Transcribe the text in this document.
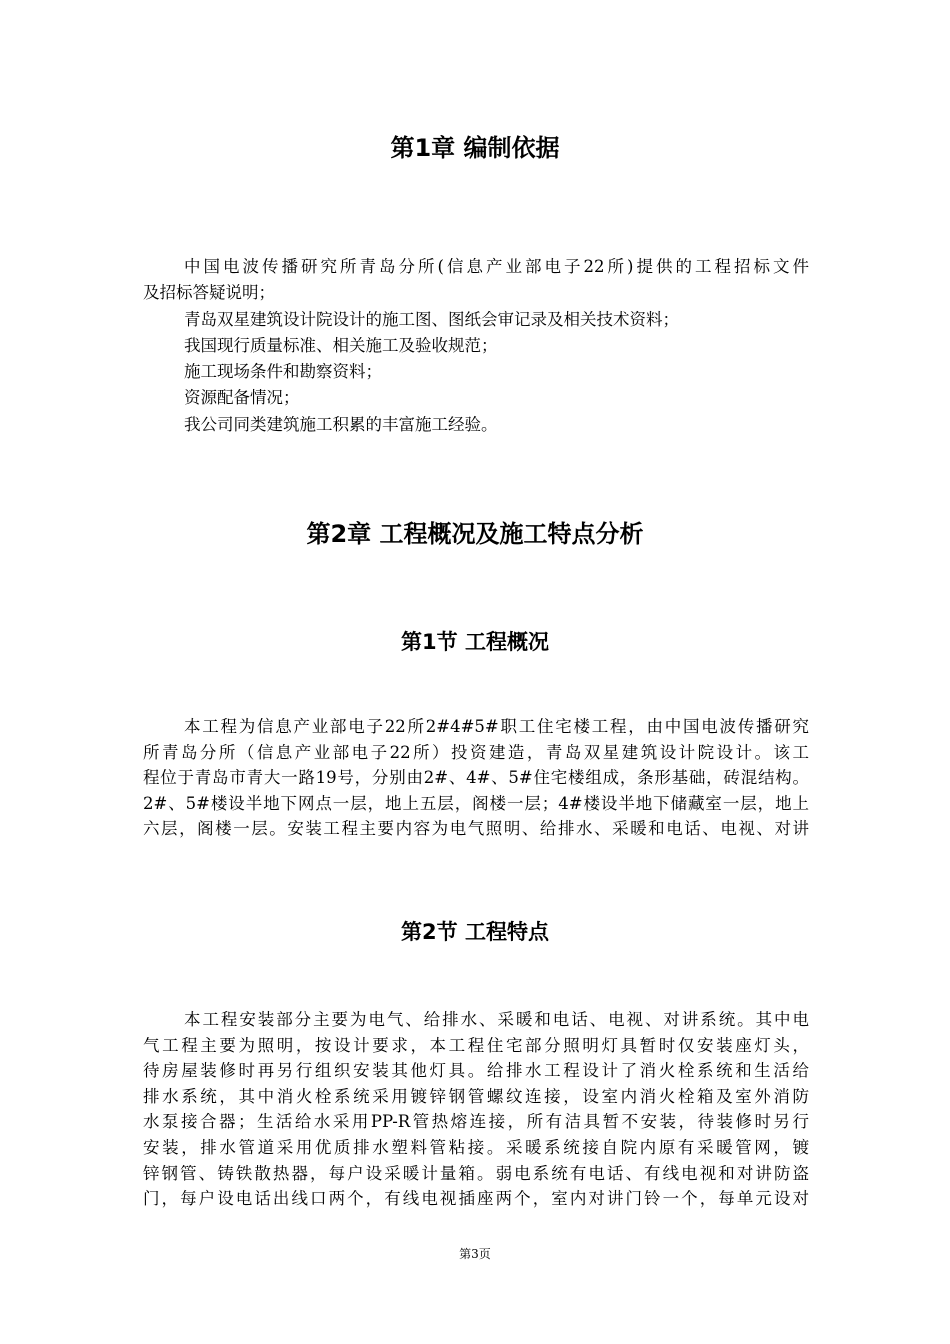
第1章 编制依据
中国电波传播研究所青岛分所(信息产业部电子22所)提供的工程招标文件
及招标答疑说明；
青岛双星建筑设计院设计的施工图、图纸会审记录及相关技术资料；
我国现行质量标准、相关施工及验收规范；
施工现场条件和勘察资料；
资源配备情况；
我公司同类建筑施工积累的丰富施工经验。
第2章 工程概况及施工特点分析
第1节 工程概况
本工程为信息产业部电子22所2#4#5#职工住宅楼工程，由中国电波传播研究
所青岛分所（信息产业部电子22所）投资建造，青岛双星建筑设计院设计。该工
程位于青岛市青大一路19号，分别由2#、4#、5#住宅楼组成，条形基础，砖混结构。
2#、5#楼设半地下网点一层，地上五层，阁楼一层；4#楼设半地下储藏室一层，地上
六层，阁楼一层。安装工程主要内容为电气照明、给排水、采暖和电话、电视、对讲
第2节 工程特点
本工程安装部分主要为电气、给排水、采暖和电话、电视、对讲系统。其中电
气工程主要为照明，按设计要求，本工程住宅部分照明灯具暂时仅安装座灯头，
待房屋装修时再另行组织安装其他灯具。给排水工程设计了消火栓系统和生活给
排水系统，其中消火栓系统采用镀锌钢管螺纹连接，设室内消火栓箱及室外消防
水泵接合器；生活给水采用PP-R管热熔连接，所有洁具暂不安装，待装修时另行
安装，排水管道采用优质排水塑料管粘接。采暖系统接自院内原有采暖管网，镀
锌钢管、铸铁散热器，每户设采暖计量箱。弱电系统有电话、有线电视和对讲防盗
门，每户设电话出线口两个，有线电视插座两个，室内对讲门铃一个，每单元设对
第3页
